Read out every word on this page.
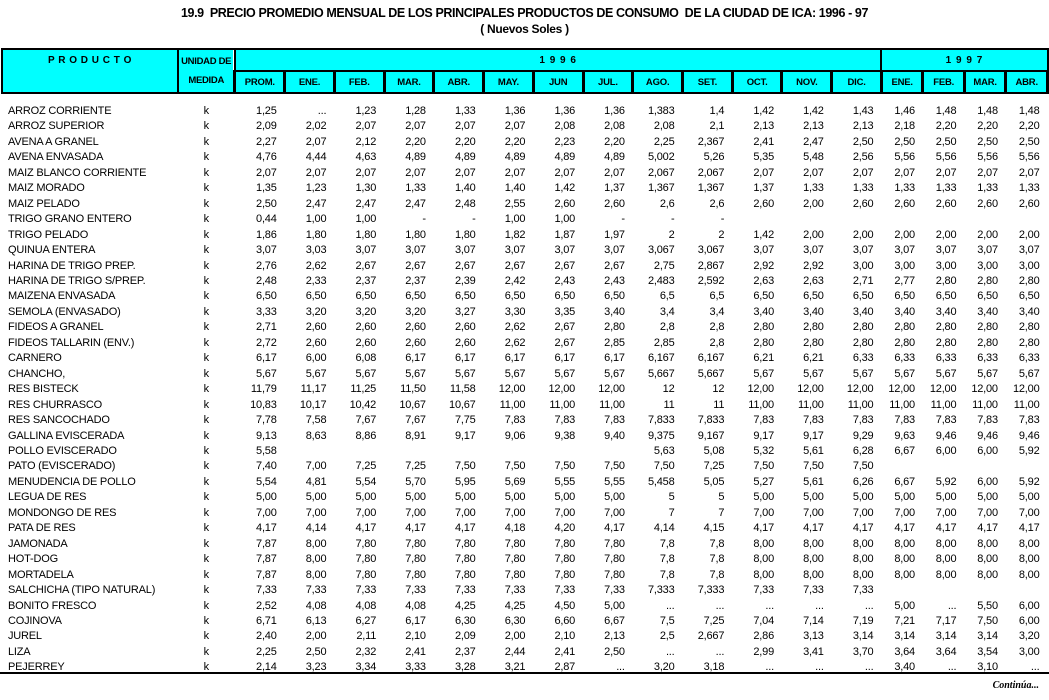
19.9  PRECIO PROMEDIO MENSUAL DE LOS PRINCIPALES PRODUCTOS DE CONSUMO  DE LA CIUDAD DE ICA: 1996 - 97
( Nuevos Soles )
P R O D U C T O	UNIDAD DE
MEDIDA	1 9 9 6													1 9 9 7			
		PROM.	ENE.	FEB.	MAR.	ABR.	MAY.	JUN	JUL.	AGO.	SET.	OCT.	NOV.	DIC.	ENE.	FEB.	MAR.	ABR.
ARROZ CORRIENTE	k	1,25	...	1,23	1,28	1,33	1,36	1,36	1,36	1,383	1,4	1,42	1,42	1,43	1,46	1,48	1,48	1,48
ARROZ SUPERIOR	k	2,09	2,02	2,07	2,07	2,07	2,07	2,08	2,08	2,08	2,1	2,13	2,13	2,13	2,18	2,20	2,20	2,20
AVENA A GRANEL	k	2,27	2,07	2,12	2,20	2,20	2,20	2,23	2,20	2,25	2,367	2,41	2,47	2,50	2,50	2,50	2,50	2,50
AVENA ENVASADA	k	4,76	4,44	4,63	4,89	4,89	4,89	4,89	4,89	5,002	5,26	5,35	5,48	2,56	5,56	5,56	5,56	5,56
MAIZ BLANCO CORRIENTE	k	2,07	2,07	2,07	2,07	2,07	2,07	2,07	2,07	2,067	2,067	2,07	2,07	2,07	2,07	2,07	2,07	2,07
MAIZ MORADO	k	1,35	1,23	1,30	1,33	1,40	1,40	1,42	1,37	1,367	1,367	1,37	1,33	1,33	1,33	1,33	1,33	1,33
MAIZ PELADO	k	2,50	2,47	2,47	2,47	2,48	2,55	2,60	2,60	2,6	2,6	2,60	2,00	2,60	2,60	2,60	2,60	2,60
TRIGO GRANO ENTERO	k	0,44	1,00	1,00	-	-	1,00	1,00	-	-	-							
TRIGO PELADO	k	1,86	1,80	1,80	1,80	1,80	1,82	1,87	1,97	2	2	1,42	2,00	2,00	2,00	2,00	2,00	2,00
QUINUA ENTERA	k	3,07	3,03	3,07	3,07	3,07	3,07	3,07	3,07	3,067	3,067	3,07	3,07	3,07	3,07	3,07	3,07	3,07
HARINA DE TRIGO PREP.	k	2,76	2,62	2,67	2,67	2,67	2,67	2,67	2,67	2,75	2,867	2,92	2,92	3,00	3,00	3,00	3,00	3,00
HARINA DE TRIGO S/PREP.	k	2,48	2,33	2,37	2,37	2,39	2,42	2,43	2,43	2,483	2,592	2,63	2,63	2,71	2,77	2,80	2,80	2,80
MAIZENA ENVASADA	k	6,50	6,50	6,50	6,50	6,50	6,50	6,50	6,50	6,5	6,5	6,50	6,50	6,50	6,50	6,50	6,50	6,50
SEMOLA (ENVASADO)	k	3,33	3,20	3,20	3,20	3,27	3,30	3,35	3,40	3,4	3,4	3,40	3,40	3,40	3,40	3,40	3,40	3,40
FIDEOS A GRANEL	k	2,71	2,60	2,60	2,60	2,60	2,62	2,67	2,80	2,8	2,8	2,80	2,80	2,80	2,80	2,80	2,80	2,80
FIDEOS TALLARIN (ENV.)	k	2,72	2,60	2,60	2,60	2,60	2,62	2,67	2,85	2,85	2,8	2,80	2,80	2,80	2,80	2,80	2,80	2,80
CARNERO	k	6,17	6,00	6,08	6,17	6,17	6,17	6,17	6,17	6,167	6,167	6,21	6,21	6,33	6,33	6,33	6,33	6,33
CHANCHO,	k	5,67	5,67	5,67	5,67	5,67	5,67	5,67	5,67	5,667	5,667	5,67	5,67	5,67	5,67	5,67	5,67	5,67
RES BISTECK	k	11,79	11,17	11,25	11,50	11,58	12,00	12,00	12,00	12	12	12,00	12,00	12,00	12,00	12,00	12,00	12,00
RES CHURRASCO	k	10,83	10,17	10,42	10,67	10,67	11,00	11,00	11,00	11	11	11,00	11,00	11,00	11,00	11,00	11,00	11,00
RES SANCOCHADO	k	7,78	7,58	7,67	7,67	7,75	7,83	7,83	7,83	7,833	7,833	7,83	7,83	7,83	7,83	7,83	7,83	7,83
GALLINA EVISCERADA	k	9,13	8,63	8,86	8,91	9,17	9,06	9,38	9,40	9,375	9,167	9,17	9,17	9,29	9,63	9,46	9,46	9,46
POLLO EVISCERADO	k	5,58								5,63	5,08	5,32	5,61	6,28	6,67	6,00	6,00	5,92
PATO (EVISCERADO)	k	7,40	7,00	7,25	7,25	7,50	7,50	7,50	7,50	7,50	7,25	7,50	7,50	7,50				
MENUDENCIA DE POLLO	k	5,54	4,81	5,54	5,70	5,95	5,69	5,55	5,55	5,458	5,05	5,27	5,61	6,26	6,67	5,92	6,00	5,92
LEGUA DE RES	k	5,00	5,00	5,00	5,00	5,00	5,00	5,00	5,00	5	5	5,00	5,00	5,00	5,00	5,00	5,00	5,00
MONDONGO DE RES	k	7,00	7,00	7,00	7,00	7,00	7,00	7,00	7,00	7	7	7,00	7,00	7,00	7,00	7,00	7,00	7,00
PATA DE RES	k	4,17	4,14	4,17	4,17	4,17	4,18	4,20	4,17	4,14	4,15	4,17	4,17	4,17	4,17	4,17	4,17	4,17
JAMONADA	k	7,87	8,00	7,80	7,80	7,80	7,80	7,80	7,80	7,8	7,8	8,00	8,00	8,00	8,00	8,00	8,00	8,00
HOT-DOG	k	7,87	8,00	7,80	7,80	7,80	7,80	7,80	7,80	7,8	7,8	8,00	8,00	8,00	8,00	8,00	8,00	8,00
MORTADELA	k	7,87	8,00	7,80	7,80	7,80	7,80	7,80	7,80	7,8	7,8	8,00	8,00	8,00	8,00	8,00	8,00	8,00
SALCHICHA (TIPO NATURAL)	k	7,33	7,33	7,33	7,33	7,33	7,33	7,33	7,33	7,333	7,333	7,33	7,33	7,33				
BONITO FRESCO	k	2,52	4,08	4,08	4,08	4,25	4,25	4,50	5,00	...	...	...	...	...	5,00	...	5,50	6,00
COJINOVA	k	6,71	6,13	6,27	6,17	6,30	6,30	6,60	6,67	7,5	7,25	7,04	7,14	7,19	7,21	7,17	7,50	6,00
JUREL	k	2,40	2,00	2,11	2,10	2,09	2,00	2,10	2,13	2,5	2,667	2,86	3,13	3,14	3,14	3,14	3,14	3,20
LIZA	k	2,25	2,50	2,32	2,41	2,37	2,44	2,41	2,50	...	...	2,99	3,41	3,70	3,64	3,64	3,54	3,00
PEJERREY	k	2,14	3,23	3,34	3,33	3,28	3,21	2,87	...	3,20	3,18	...	...	...	3,40	...	3,10	...
Continúa...
